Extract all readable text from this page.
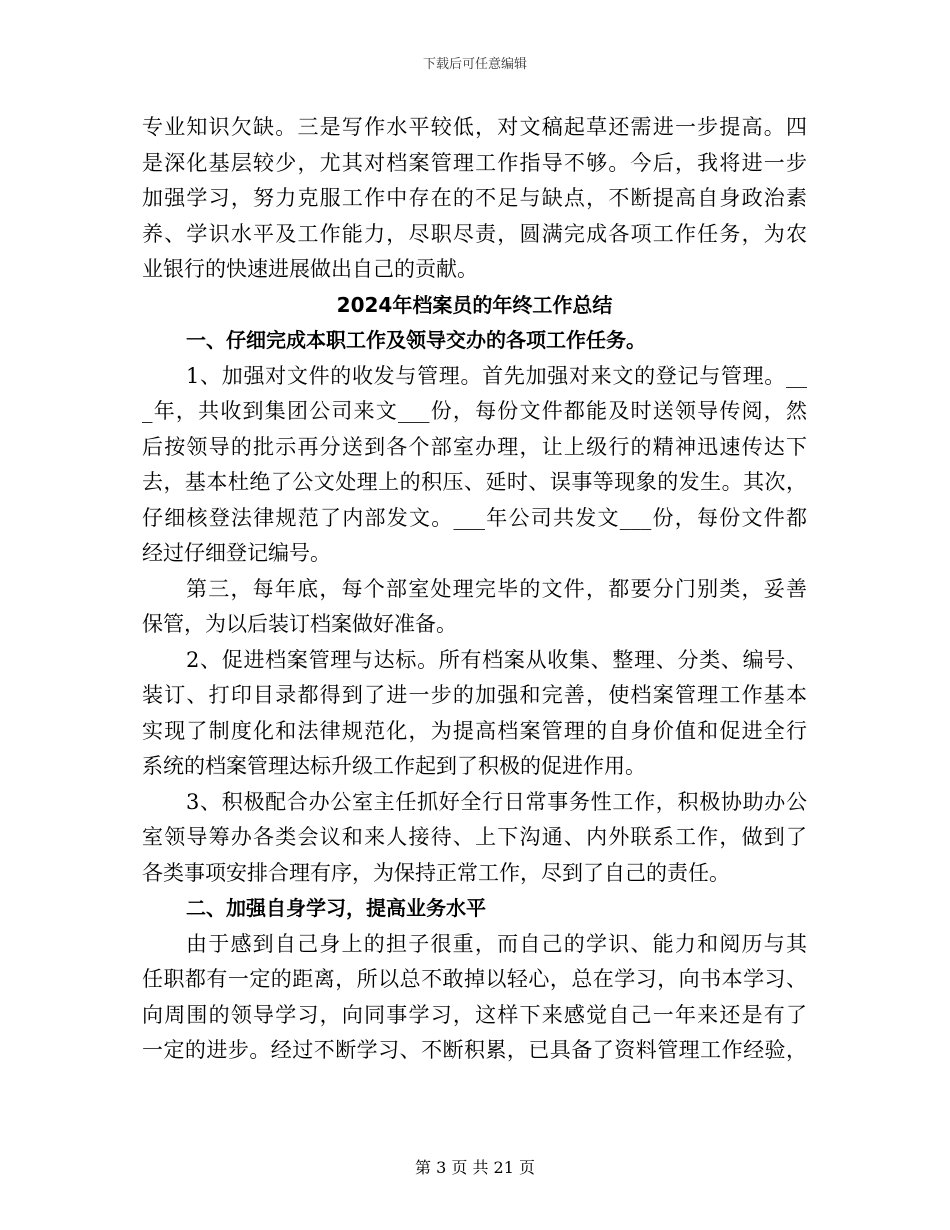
下载后可任意编辑
专业知识欠缺。三是写作水平较低，对文稿起草还需进一步提高。四
是深化基层较少，尤其对档案管理工作指导不够。今后，我将进一步
加强学习，努力克服工作中存在的不足与缺点，不断提高自身政治素
养、学识水平及工作能力，尽职尽责，圆满完成各项工作任务，为农
业银行的快速进展做出自己的贡献。
2024年档案员的年终工作总结
一、仔细完成本职工作及领导交办的各项工作任务。
1、加强对文件的收发与管理。首先加强对来文的登记与管理。__
_年，共收到集团公司来文___份，每份文件都能及时送领导传阅，然
后按领导的批示再分送到各个部室办理，让上级行的精神迅速传达下
去，基本杜绝了公文处理上的积压、延时、误事等现象的发生。其次，
仔细核登法律规范了内部发文。___年公司共发文___份，每份文件都
经过仔细登记编号。
第三，每年底，每个部室处理完毕的文件，都要分门别类，妥善
保管，为以后装订档案做好准备。
2、促进档案管理与达标。所有档案从收集、整理、分类、编号、
装订、打印目录都得到了进一步的加强和完善，使档案管理工作基本
实现了制度化和法律规范化，为提高档案管理的自身价值和促进全行
系统的档案管理达标升级工作起到了积极的促进作用。
3、积极配合办公室主任抓好全行日常事务性工作，积极协助办公
室领导筹办各类会议和来人接待、上下沟通、内外联系工作，做到了
各类事项安排合理有序，为保持正常工作，尽到了自己的责任。
二、加强自身学习，提高业务水平
由于感到自己身上的担子很重，而自己的学识、能力和阅历与其
任职都有一定的距离，所以总不敢掉以轻心，总在学习，向书本学习、
向周围的领导学习，向同事学习，这样下来感觉自己一年来还是有了
一定的进步。经过不断学习、不断积累，已具备了资料管理工作经验，
第 3 页 共 21 页
